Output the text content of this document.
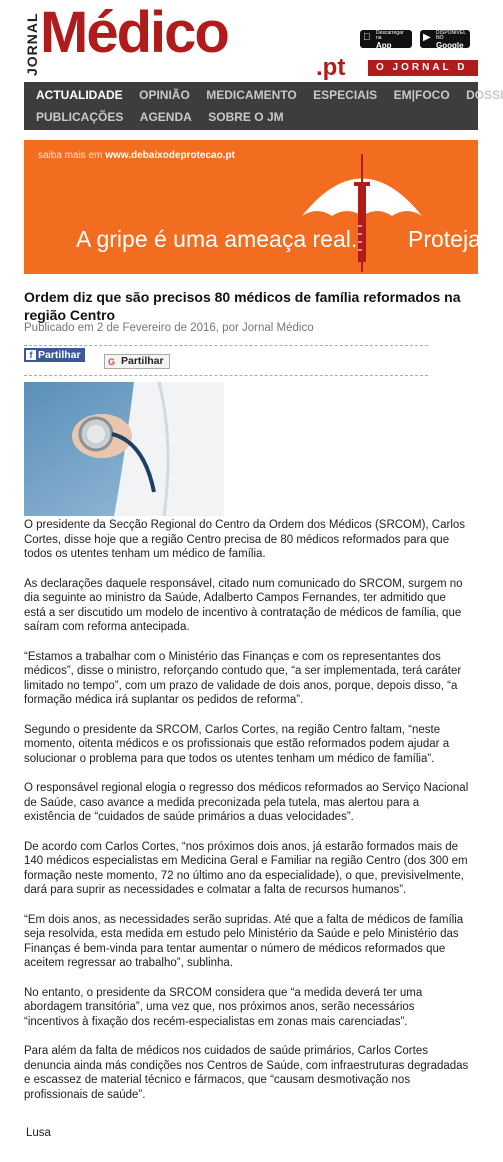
JORNAL Médico
.pt
Descarregar na
App Store
▶ DISPONÍVEL NO
Google play
O JORNAL D
ACTUALIDADE OPINIÃO MEDICAMENTO ESPECIAIS EM|FOCO DOSSI
PUBLICAÇÕES AGENDA SOBRE O JM
saiba mais em www.debaixodeprotecao.pt
A gripe é uma ameaça real. Proteja
Ordem diz que são precisos 80 médicos de família reformados na região Centro
Publicado em 2 de Fevereiro de 2016, por Jornal Médico
f Partilhar
G Partilhar

O presidente da Secção Regional do Centro da Ordem dos Médicos (SRCOM), Carlos Cortes, disse hoje que a região Centro precisa de 80 médicos reformados para que todos os utentes tenham um médico de família.

As declarações daquele responsável, citado num comunicado do SRCOM, surgem no dia seguinte ao ministro da Saúde, Adalberto Campos Fernandes, ter admitido que está a ser discutido um modelo de incentivo à contratação de médicos de família, que saíram com reforma antecipada.

“Estamos a trabalhar com o Ministério das Finanças e com os representantes dos médicos”, disse o ministro, reforçando contudo que, “a ser implementada, terá caráter limitado no tempo”, com um prazo de validade de dois anos, porque, depois disso, “a formação médica irá suplantar os pedidos de reforma”.

Segundo o presidente da SRCOM, Carlos Cortes, na região Centro faltam, “neste momento, oitenta médicos e os profissionais que estão reformados podem ajudar a solucionar o problema para que todos os utentes tenham um médico de família”.

O responsável regional elogia o regresso dos médicos reformados ao Serviço Nacional de Saúde, caso avance a medida preconizada pela tutela, mas alertou para a existência de “cuidados de saúde primários a duas velocidades”.

De acordo com Carlos Cortes, “nos próximos dois anos, já estarão formados mais de 140 médicos especialistas em Medicina Geral e Familiar na região Centro (dos 300 em formação neste momento, 72 no último ano da especialidade), o que, previsivelmente, dará para suprir as necessidades e colmatar a falta de recursos humanos”.

“Em dois anos, as necessidades serão supridas. Até que a falta de médicos de família seja resolvida, esta medida em estudo pelo Ministério da Saúde e pelo Ministério das Finanças é bem-vinda para tentar aumentar o número de médicos reformados que aceitem regressar ao trabalho”, sublinha.

No entanto, o presidente da SRCOM considera que “a medida deverá ter uma abordagem transitória”, uma vez que, nos próximos anos, serão necessários “incentivos à fixação dos recém-especialistas em zonas mais carenciadas”.

Para além da falta de médicos nos cuidados de saúde primários, Carlos Cortes denuncia ainda más condições nos Centros de Saúde, com infraestruturas degradadas e escassez de material técnico e fármacos, que “causam desmotivação nos profissionais de saúde”.

Lusa
